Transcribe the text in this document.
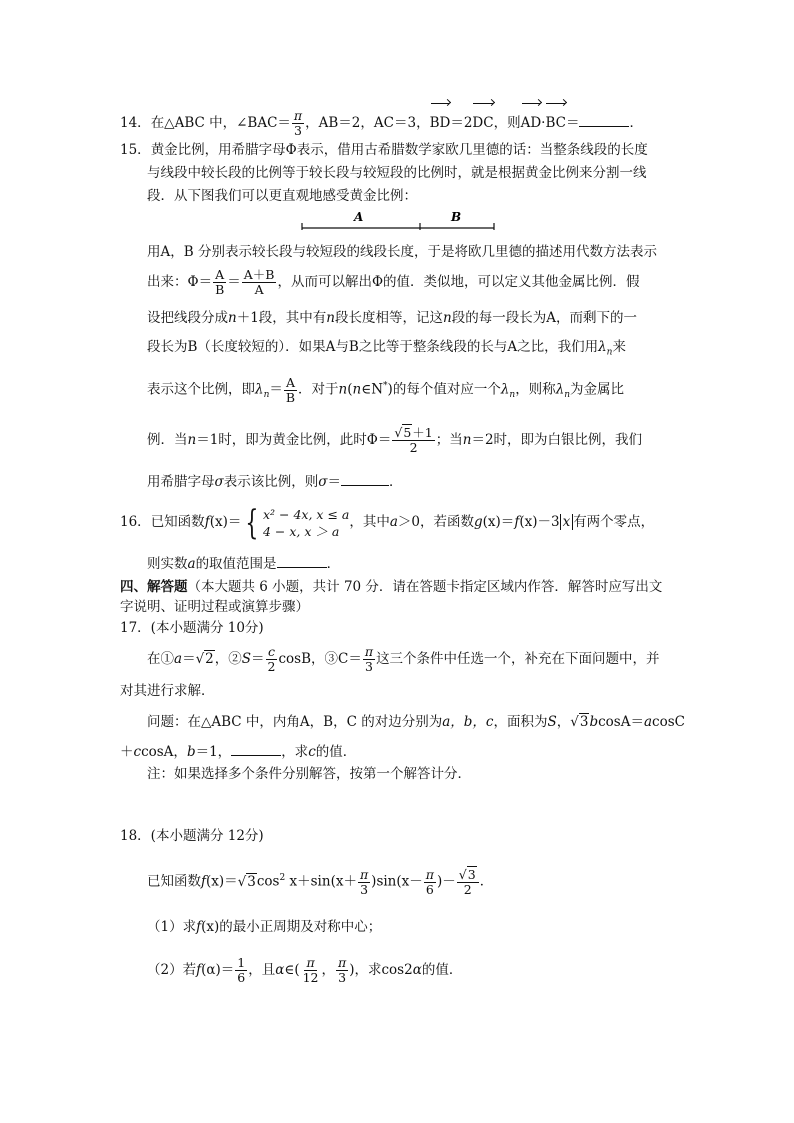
14．在△ABC 中，∠BAC＝ $\frac{\pi}{3}$ ，AB＝2，AC＝3，BD＝2DC，则AD·BC＝	．
15．黄金比例，用希腊字母Φ表示，借用古希腊数学家欧几里德的话：当整条线段的长度
与线段中较长段的比例等于较长段与较短段的比例时，就是根据黄金比例来分割一线
段．从下图我们可以更直观地感受黄金比例：
A	B
用A，B 分别表示较长段与较短段的线段长度，于是将欧几里德的描述用代数方法表示
出来：$\Phi= \frac{A}{B} = \frac{A+B}{A}$ ，从而可以解出Φ的值．类似地，可以定义其他金属比例．假
设把线段分成n＋1段，其中有n段长度相等，记这n段的每一段长为A，而剩下的一
段长为B（长度较短的）．如果A与B之比等于整条线段的长与A之比，我们用$\lambda_n$来
表示这个比例，即$\lambda_n= \frac{A}{B}$ ．对于n(n∈N*)的每个值对应一个$\lambda_n$，则称$\lambda_n$为金属比
例．当n＝1时，即为黄金比例，此时$\Phi= \frac{√5+1}{2}$ ；当n＝2时，即为白银比例，我们
用希腊字母σ表示该比例，则σ＝	．
16．已知函数f(x)＝ { x² − 4x, x ≤ a
4 − x, x ＞ a
，其中a＞0，若函数g(x)＝f(x)－3 x 有两个零点，
则实数a的取值范围是	．
四、解答题（本大题共 6 小题，共计 70 分．请在答题卡指定区域内作答．解答时应写出文
字说明、证明过程或演算步骤）
17．(本小题满分 10分)
在①a＝√2，②S＝ $\frac{c}{2}$ cosB，③C＝ $\frac{\pi}{3}$ 这三个条件中任选一个，补充在下面问题中，并
对其进行求解．
问题：在△ABC 中，内角A，B，C 的对边分别为a，b，c，面积为S，√3bcosA＝acosC
＋ccosA，b＝1，	，求c的值．
注：如果选择多个条件分别解答，按第一个解答计分．
18．(本小题满分 12分)
已知函数$f(x)=√3\cos^2$ $x+\sin(x+ \frac{\pi}{3} )\sin(x- \frac{\pi}{6}$ )－ $\frac{√3}{2}$ ．
（1）求f(x)的最小正周期及对称中心；
（2）若$f(\alpha)= \frac{1}{6}$ ，且α∈( $\frac{\pi}{12}$ ， $\frac{\pi}{3}$ )，求cos2α的值．
